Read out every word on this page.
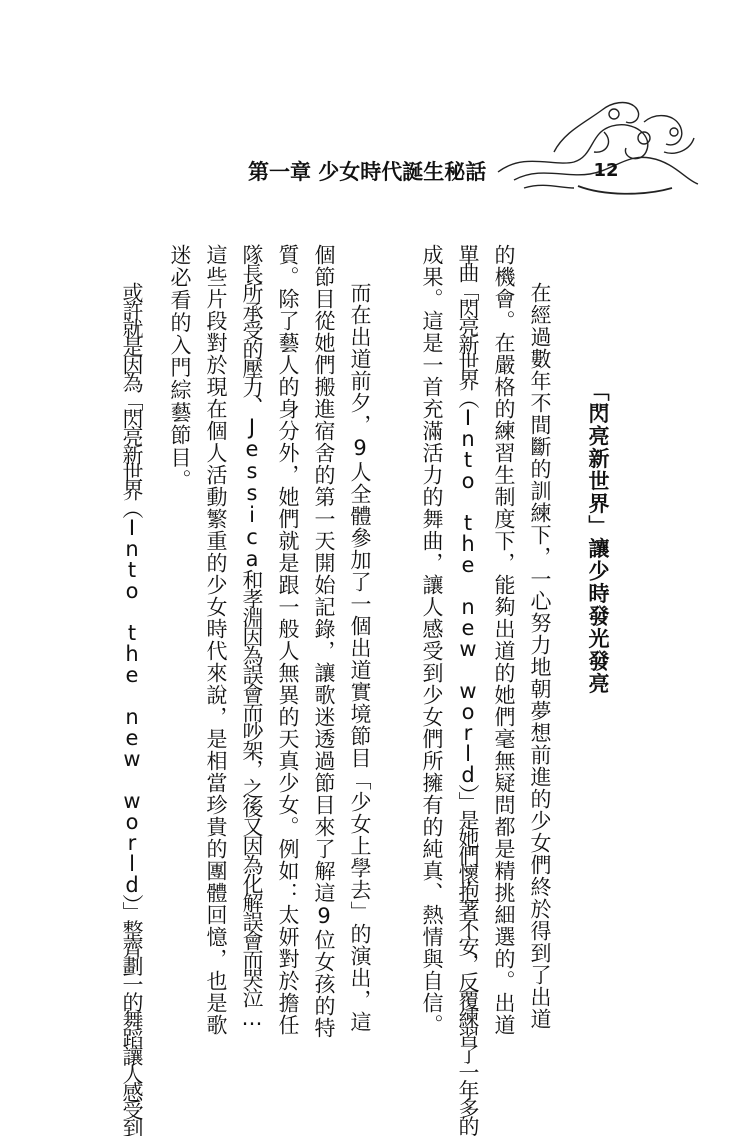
第一章 少女時代誕生秘話	12
「閃亮新世界」讓少時發光發亮
在經過數年不間斷的訓練下，一心努力地朝夢想前進的少女們終於得到了出道
的機會。在嚴格的練習生制度下，能夠出道的她們毫無疑問都是精挑細選的。出道
單曲「閃亮新世界（Into the new world）」是她們懷抱著不安，反覆練習了一年多的
成果。這是一首充滿活力的舞曲，讓人感受到少女們所擁有的純真、熱情與自信。
而在出道前夕，9人全體參加了一個出道實境節目「少女上學去」的演出，這
個節目從她們搬進宿舍的第一天開始記錄，讓歌迷透過節目來了解這9位女孩的特
質。除了藝人的身分外，她們就是跟一般人無異的天真少女。例如：太妍對於擔任
隊長所承受的壓力、Jessica和孝淵因為誤會而吵架，之後又因為化解誤會而哭泣…
這些片段對於現在個人活動繁重的少女時代來說，是相當珍貴的團體回憶，也是歌
迷必看的入門綜藝節目。
或許就是因為「閃亮新世界（Into the new world）」整齊劃一的舞蹈讓人感受到
